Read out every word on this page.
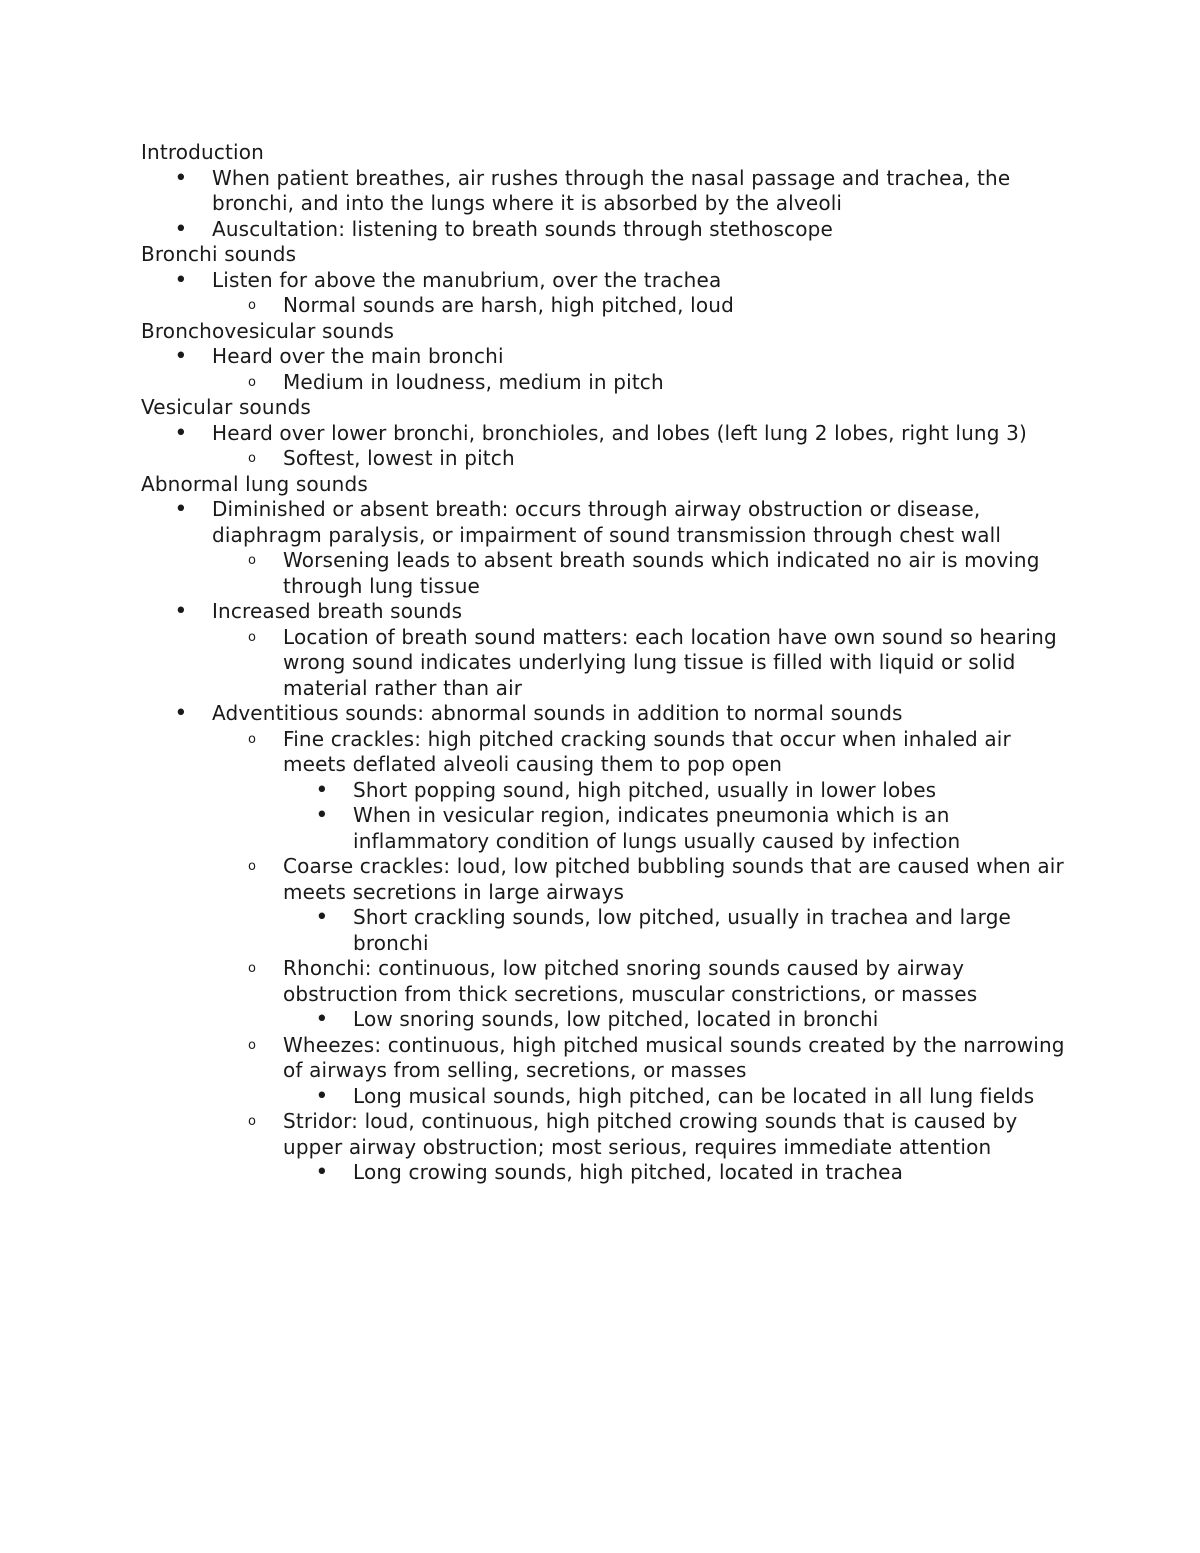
Introduction
• When patient breathes, air rushes through the nasal passage and trachea, the bronchi, and into the lungs where it is absorbed by the alveoli
• Auscultation: listening to breath sounds through stethoscope
Bronchi sounds
• Listen for above the manubrium, over the trachea
o Normal sounds are harsh, high pitched, loud
Bronchovesicular sounds
• Heard over the main bronchi
o Medium in loudness, medium in pitch
Vesicular sounds
• Heard over lower bronchi, bronchioles, and lobes (left lung 2 lobes, right lung 3)
o Softest, lowest in pitch
Abnormal lung sounds
• Diminished or absent breath: occurs through airway obstruction or disease, diaphragm paralysis, or impairment of sound transmission through chest wall
o Worsening leads to absent breath sounds which indicated no air is moving through lung tissue
• Increased breath sounds
o Location of breath sound matters: each location have own sound so hearing wrong sound indicates underlying lung tissue is filled with liquid or solid material rather than air
• Adventitious sounds: abnormal sounds in addition to normal sounds
o Fine crackles: high pitched cracking sounds that occur when inhaled air meets deflated alveoli causing them to pop open
• Short popping sound, high pitched, usually in lower lobes
• When in vesicular region, indicates pneumonia which is an inflammatory condition of lungs usually caused by infection
o Coarse crackles: loud, low pitched bubbling sounds that are caused when air meets secretions in large airways
• Short crackling sounds, low pitched, usually in trachea and large bronchi
o Rhonchi: continuous, low pitched snoring sounds caused by airway obstruction from thick secretions, muscular constrictions, or masses
• Low snoring sounds, low pitched, located in bronchi
o Wheezes: continuous, high pitched musical sounds created by the narrowing of airways from selling, secretions, or masses
• Long musical sounds, high pitched, can be located in all lung fields
o Stridor: loud, continuous, high pitched crowing sounds that is caused by upper airway obstruction; most serious, requires immediate attention
• Long crowing sounds, high pitched, located in trachea
